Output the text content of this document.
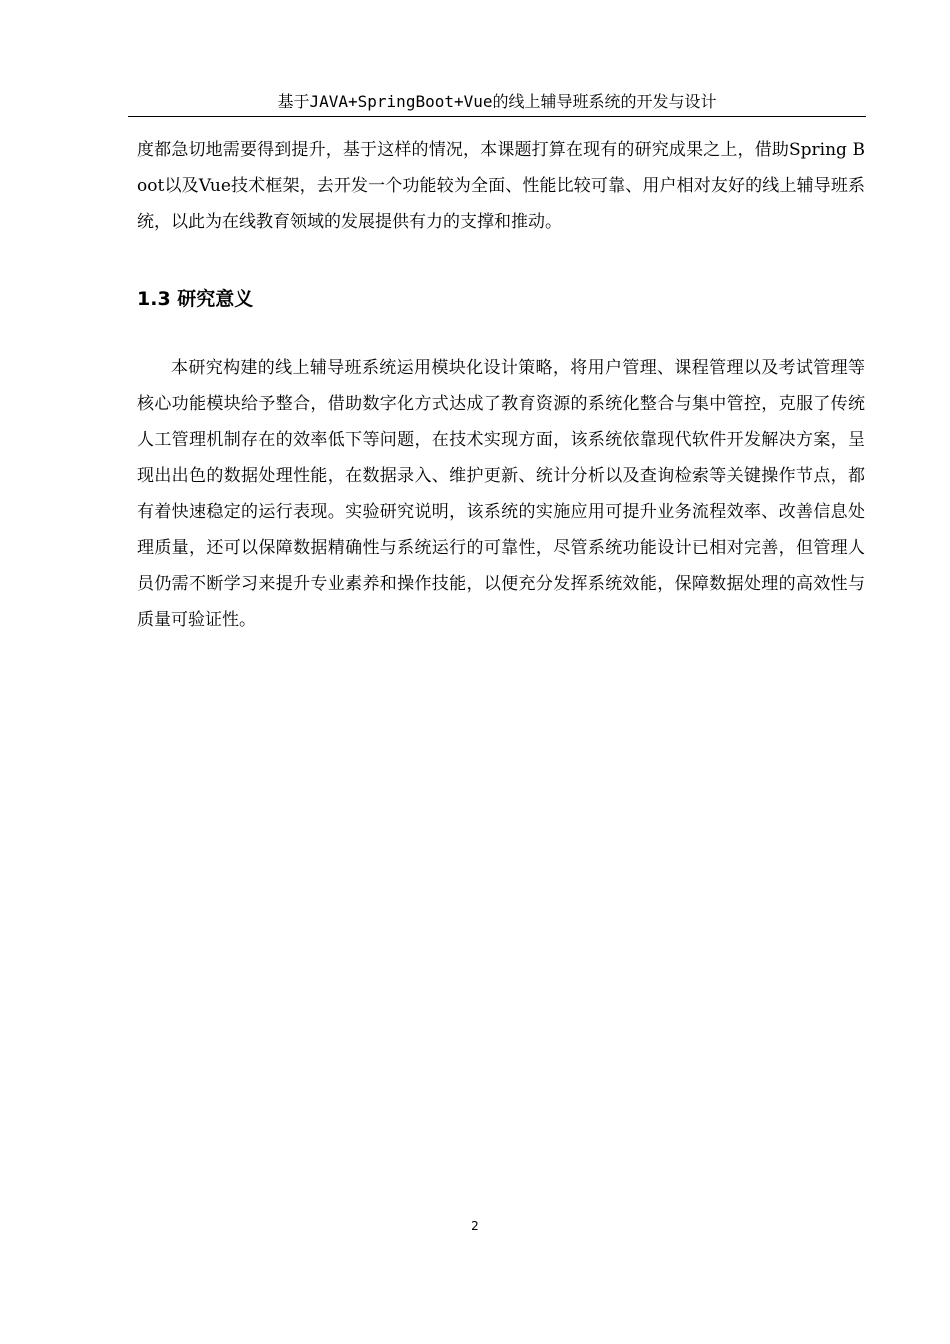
基于JAVA+SpringBoot+Vue的线上辅导班系统的开发与设计

度都急切地需要得到提升，基于这样的情况，本课题打算在现有的研究成果之上，借助Spring Boot以及Vue技术框架，去开发一个功能较为全面、性能比较可靠、用户相对友好的线上辅导班系统，以此为在线教育领域的发展提供有力的支撑和推动。

1.3 研究意义

本研究构建的线上辅导班系统运用模块化设计策略，将用户管理、课程管理以及考试管理等核心功能模块给予整合，借助数字化方式达成了教育资源的系统化整合与集中管控，克服了传统人工管理机制存在的效率低下等问题，在技术实现方面，该系统依靠现代软件开发解决方案，呈现出出色的数据处理性能，在数据录入、维护更新、统计分析以及查询检索等关键操作节点，都有着快速稳定的运行表现。实验研究说明，该系统的实施应用可提升业务流程效率、改善信息处理质量，还可以保障数据精确性与系统运行的可靠性，尽管系统功能设计已相对完善，但管理人员仍需不断学习来提升专业素养和操作技能，以便充分发挥系统效能，保障数据处理的高效性与质量可验证性。

2
